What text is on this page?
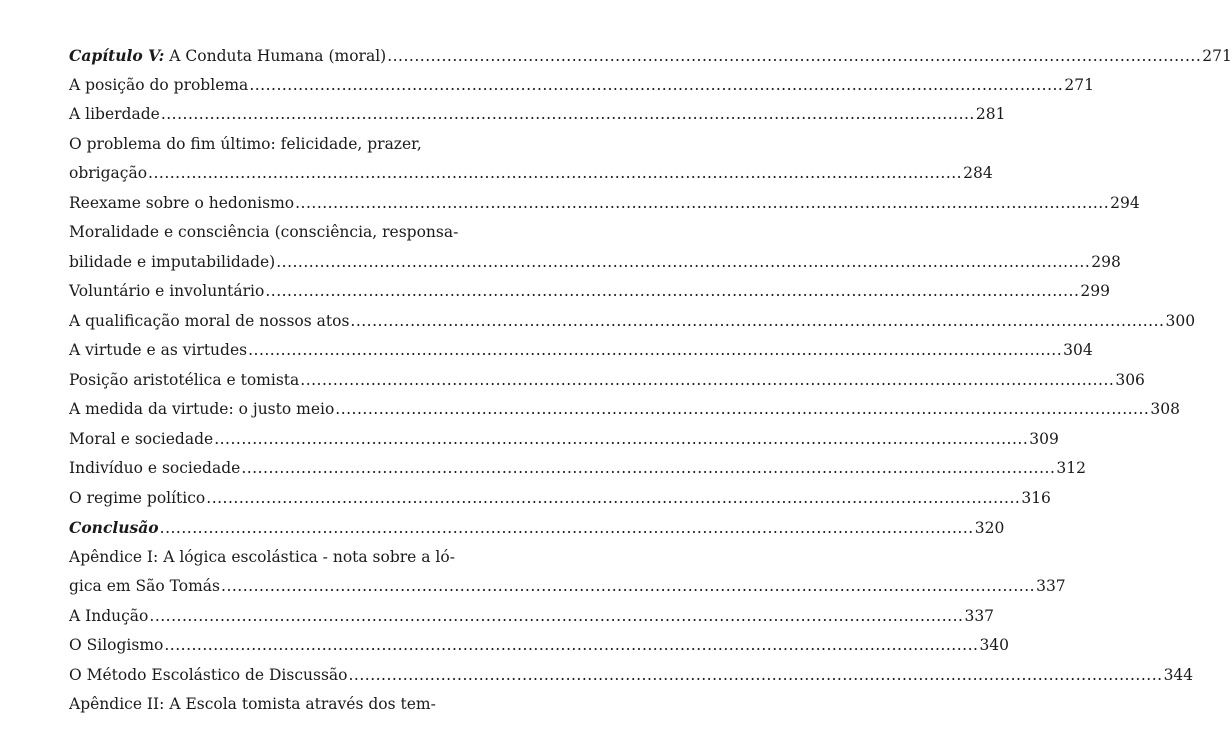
Capítulo V: A Conduta Humana (moral) .....	271
A posição do problema .....	271
A liberdade .....	281
O problema do fim último: felicidade, prazer,
obrigação .....	284
Reexame sobre o hedonismo .....	294
Moralidade e consciência (consciência, responsa-
bilidade e imputabilidade) .....	298
Voluntário e involuntário .....	299
A qualificação moral de nossos atos .....	300
A virtude e as virtudes .....	304
Posição aristotélica e tomista .....	306
A medida da virtude: o justo meio .....	308
Moral e sociedade .....	309
Indivíduo e sociedade .....	312
O regime político .....	316
Conclusão .....	320
Apêndice I: A lógica escolástica - nota sobre a ló-
gica em São Tomás .....	337
A Indução .....	337
O Silogismo .....	340
O Método Escolástico de Discussão .....	344
Apêndice II: A Escola tomista através dos tem-
